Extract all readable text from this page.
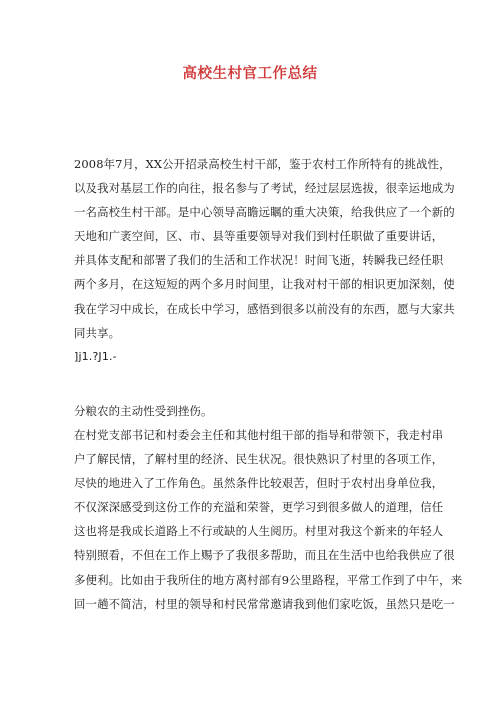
高校生村官工作总结
2008年7月，XX公开招录高校生村干部，鉴于农村工作所特有的挑战性，
以及我对基层工作的向往，报名参与了考试，经过层层选拔，很幸运地成为
一名高校生村干部。是中心领导高瞻远瞩的重大决策，给我供应了一个新的
天地和广袤空间，区、市、县等重要领导对我们到村任职做了重要讲话，
并具体支配和部署了我们的生活和工作状况！时间飞逝，转瞬我已经任职
两个多月，在这短短的两个多月时间里，让我对村干部的相识更加深刻，使
我在学习中成长，在成长中学习，感悟到很多以前没有的东西，愿与大家共
同共享。
]j1.?J1.-
分粮农的主动性受到挫伤。
在村党支部书记和村委会主任和其他村组干部的指导和带领下，我走村串
户了解民情，了解村里的经济、民生状况。很快熟识了村里的各项工作，
尽快的地进入了工作角色。虽然条件比较艰苦，但时于农村出身单位我，
不仅深深感受到这份工作的充溢和荣誉，更学习到很多做人的道理，信任
这也将是我成长道路上不行或缺的人生阅历。村里对我这个新来的年轻人
特别照看，不但在工作上赐予了我很多帮助，而且在生活中也给我供应了很
多便利。比如由于我所住的地方离村部有9公里路程，平常工作到了中午，来
回一趟不简洁，村里的领导和村民常常邀请我到他们家吃饭，虽然只是吃一
